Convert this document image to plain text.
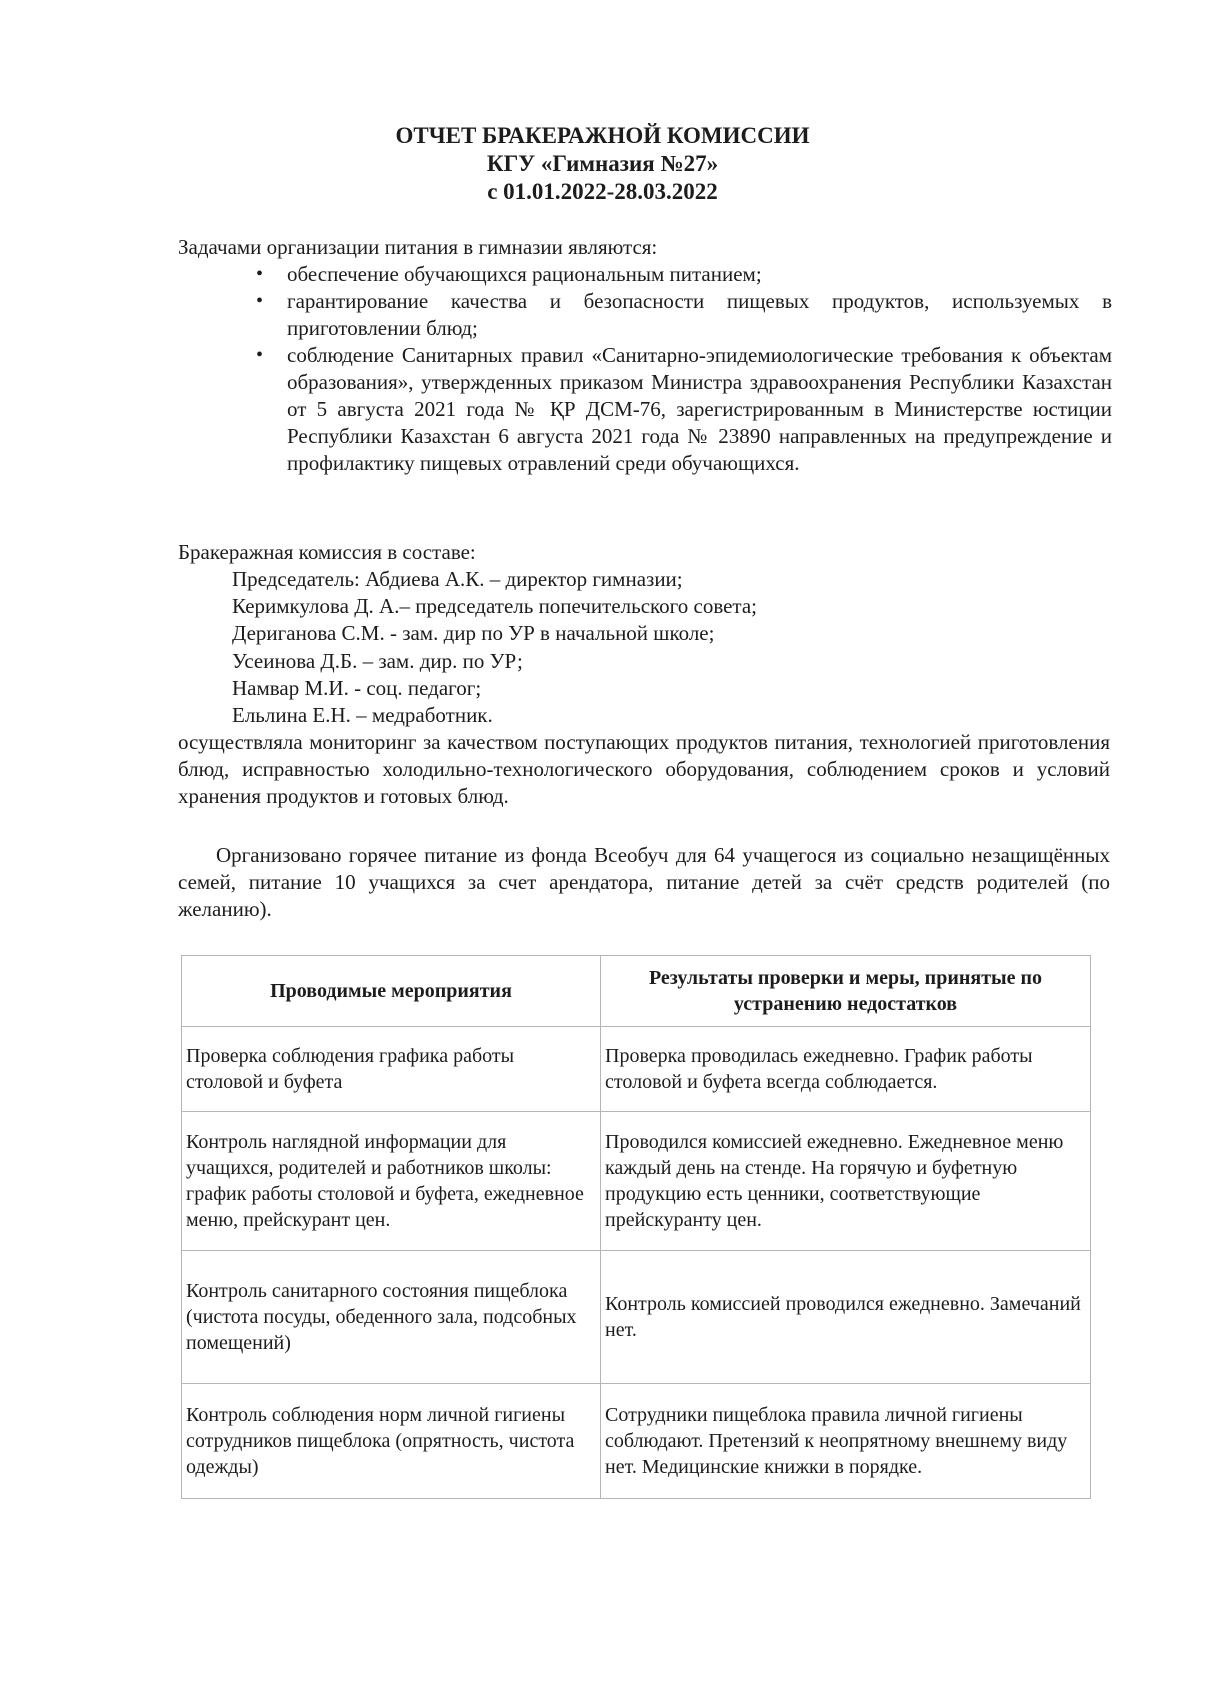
ОТЧЕТ БРАКЕРАЖНОЙ КОМИССИИ
КГУ «Гимназия №27»
с 01.01.2022-28.03.2022
Задачами организации питания в гимназии являются:
• обеспечение обучающихся рациональным питанием;
• гарантирование качества и безопасности пищевых продуктов, используемых в приготовлении блюд;
• соблюдение Санитарных правил «Санитарно-эпидемиологические требования к объектам образования», утвержденных приказом Министра здравоохранения Республики Казахстан от 5 августа 2021 года № ҚР ДСМ-76, зарегистрированным в Министерстве юстиции Республики Казахстан 6 августа 2021 года № 23890 направленных на предупреждение и профилактику пищевых отравлений среди обучающихся.
Бракеражная комиссия в составе:
Председатель: Абдиева А.К. – директор гимназии;
Керимкулова Д. А.– председатель попечительского совета;
Дериганова С.М. - зам. дир по УР в начальной школе;
Усеинова Д.Б. – зам. дир. по УР;
Намвар М.И. - соц. педагог;
Ельлина Е.Н. – медработник.
осуществляла мониторинг за качеством поступающих продуктов питания, технологией приготовления блюд, исправностью холодильно-технологического оборудования, соблюдением сроков и условий хранения продуктов и готовых блюд.
Организовано горячее питание из фонда Всеобуч для 64 учащегося из социально незащищённых семей, питание 10 учащихся за счет арендатора, питание детей за счёт средств родителей (по желанию).
Проводимые мероприятия	Результаты проверки и меры, принятые по устранению недостатков
Проверка соблюдения графика работы столовой и буфета	Проверка проводилась ежедневно. График работы столовой и буфета всегда соблюдается.
Контроль наглядной информации для учащихся, родителей и работников школы: график работы столовой и буфета, ежедневное меню, прейскурант цен.	Проводился комиссией ежедневно. Ежедневное меню каждый день на стенде. На горячую и буфетную продукцию есть ценники, соответствующие прейскуранту цен.
Контроль санитарного состояния пищеблока (чистота посуды, обеденного зала, подсобных помещений)	Контроль комиссией проводился ежедневно. Замечаний нет.
Контроль соблюдения норм личной гигиены сотрудников пищеблока (опрятность, чистота одежды)	Сотрудники пищеблока правила личной гигиены соблюдают. Претензий к неопрятному внешнему виду нет. Медицинские книжки в порядке.
